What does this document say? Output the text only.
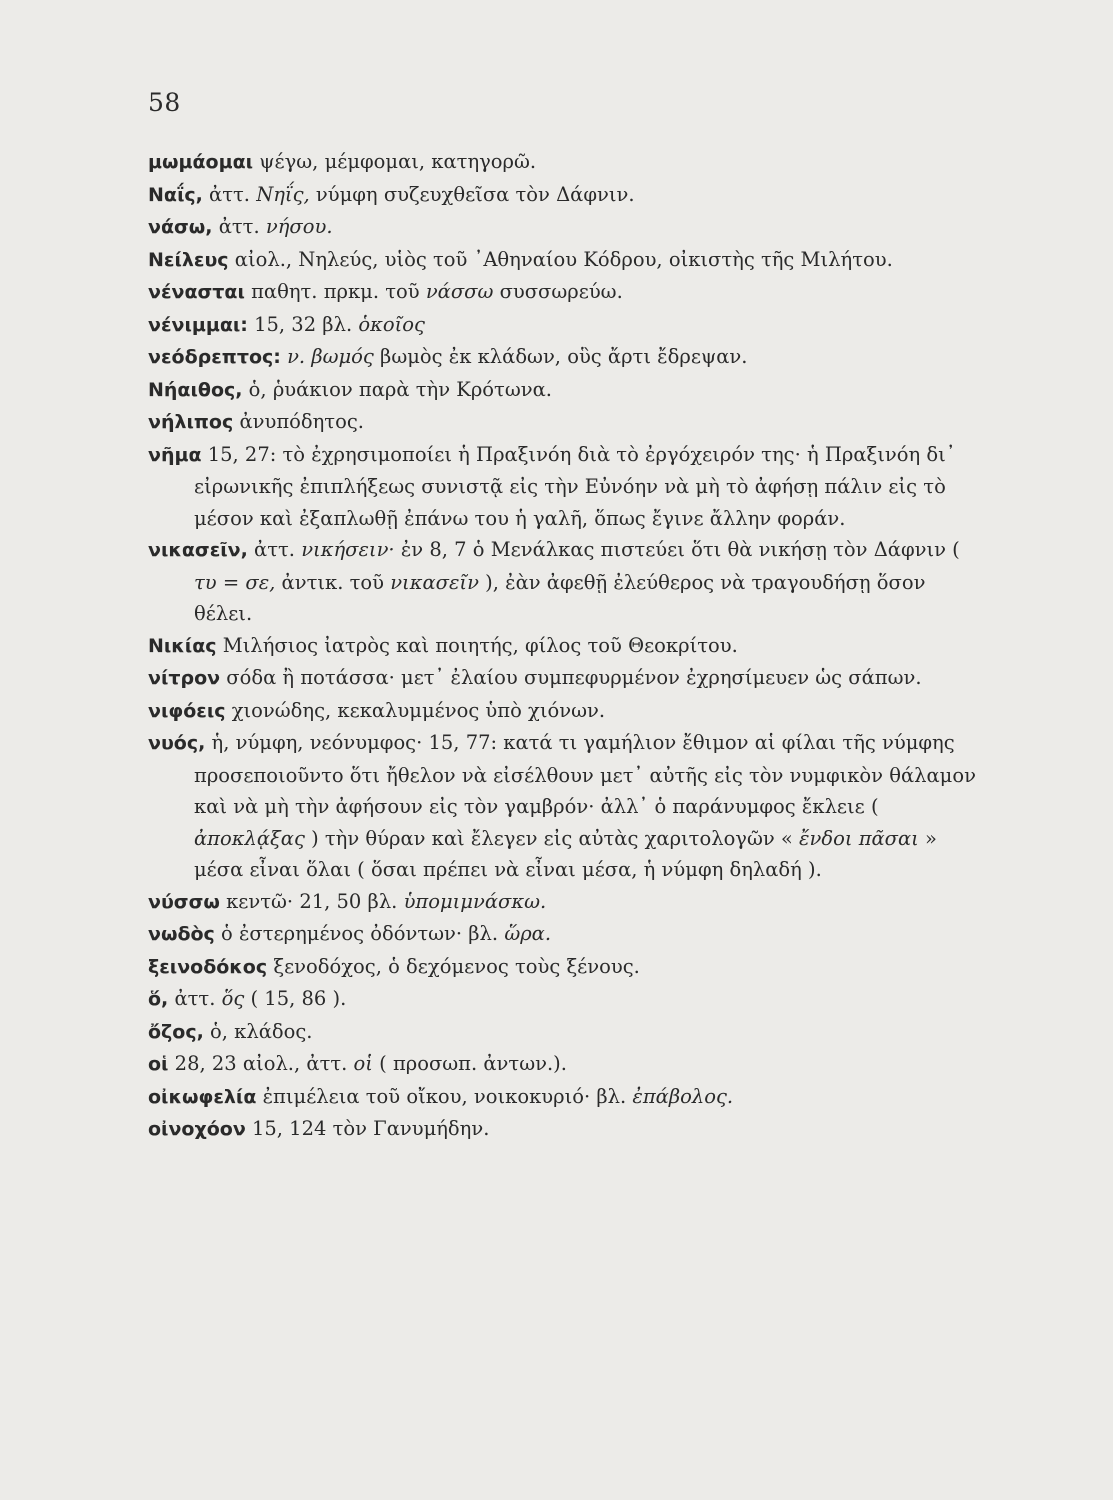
58

μωμάομαι ψέγω, μέμφομαι, κατηγορῶ.

Ναΐς, ἀττ. Νηΐς, νύμφη συζευχθεῖσα τὸν Δάφνιν.

νάσω, ἀττ. νήσου.

Νείλευς αἰολ., Νηλεύς, υἱὸς τοῦ ᾿Αθηναίου Κόδρου, οἰκιστὴς τῆς Μιλήτου.

νένασται παθητ. πρκμ. τοῦ νάσσω συσσωρεύω.

νένιμμαι: 15, 32 βλ. ὁκοῖος

νεόδρεπτος: ν. βωμός βωμὸς ἐκ κλάδων, οὓς ἄρτι ἔδρεψαν.

Νήαιθος, ὁ, ῥυάκιον παρὰ τὴν Κρότωνα.

νήλιπος ἀνυπόδητος.

νῆμα 15, 27: τὸ ἐχρησιμοποίει ἡ Πραξινόη διὰ τὸ ἐργόχειρόν της· ἡ Πραξινόη δι᾿ εἰρωνικῆς ἐπιπλήξεως συνιστᾷ εἰς τὴν Εὐνόην νὰ μὴ τὸ ἀφήσῃ πάλιν εἰς τὸ μέσον καὶ ἐξαπλωθῇ ἐπάνω του ἡ γαλῆ, ὅπως ἔγινε ἄλλην φοράν.

νικασεῖν, ἀττ. νικήσειν· ἐν 8, 7 ὁ Μενάλκας πιστεύει ὅτι θὰ νικήσῃ τὸν Δάφνιν ( τυ = σε, ἀντικ. τοῦ νικασεῖν ), ἐὰν ἀφεθῇ ἐλεύθερος νὰ τραγουδήσῃ ὅσον θέλει.

Νικίας Μιλήσιος ἰατρὸς καὶ ποιητής, φίλος τοῦ Θεοκρίτου.

νίτρον σόδα ἢ ποτάσσα· μετ᾿ ἐλαίου συμπεφυρμένον ἐχρησίμευεν ὡς σάπων.

νιφόεις χιονώδης, κεκαλυμμένος ὑπὸ χιόνων.

νυός, ἡ, νύμφη, νεόνυμφος· 15, 77: κατά τι γαμήλιον ἔθιμον αἱ φίλαι τῆς νύμφης προσεποιοῦντο ὅτι ἤθελον νὰ εἰσέλθουν μετ᾿ αὐτῆς εἰς τὸν νυμφικὸν θάλαμον καὶ νὰ μὴ τὴν ἀφήσουν εἰς τὸν γαμβρόν· ἀλλ᾿ ὁ παράνυμφος ἔκλειε ( ἀποκλᾴξας ) τὴν θύραν καὶ ἔλεγεν εἰς αὐτὰς χαριτολογῶν « ἔνδοι πᾶσαι » μέσα εἶναι ὅλαι ( ὅσαι πρέπει νὰ εἶναι μέσα, ἡ νύμφη δηλαδή ).

νύσσω κεντῶ· 21, 50 βλ. ὑπομιμνάσκω.

νωδὸς ὁ ἐστερημένος ὀδόντων· βλ. ὥρα.

ξεινοδόκος ξενοδόχος, ὁ δεχόμενος τοὺς ξένους.

ὅ, ἀττ. ὅς ( 15, 86 ).

ὄζος, ὁ, κλάδος.

οἱ 28, 23 αἰολ., ἀττ. οἱ ( προσωπ. ἀντων.).

οἰκωφελία ἐπιμέλεια τοῦ οἴκου, νοικοκυριό· βλ. ἐπάβολος.

οἰνοχόον 15, 124 τὸν Γανυμήδην.
